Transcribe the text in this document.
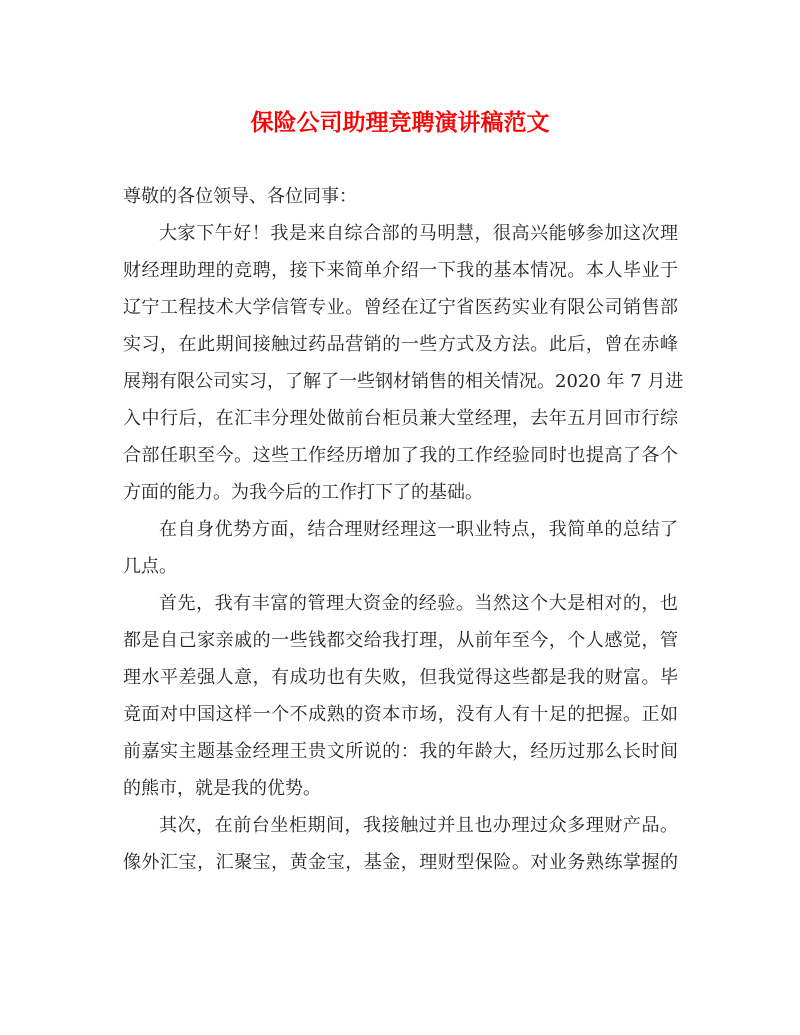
保险公司助理竞聘演讲稿范文
尊敬的各位领导、各位同事：
大家下午好！我是来自综合部的马明慧，很高兴能够参加这次理
财经理助理的竞聘，接下来简单介绍一下我的基本情况。本人毕业于
辽宁工程技术大学信管专业。曾经在辽宁省医药实业有限公司销售部
实习，在此期间接触过药品营销的一些方式及方法。此后，曾在赤峰
展翔有限公司实习，了解了一些钢材销售的相关情况。2020 年 7 月进
入中行后，在汇丰分理处做前台柜员兼大堂经理，去年五月回市行综
合部任职至今。这些工作经历增加了我的工作经验同时也提高了各个
方面的能力。为我今后的工作打下了的基础。
在自身优势方面，结合理财经理这一职业特点，我简单的总结了
几点。
首先，我有丰富的管理大资金的经验。当然这个大是相对的，也
都是自己家亲戚的一些钱都交给我打理，从前年至今，个人感觉，管
理水平差强人意，有成功也有失败，但我觉得这些都是我的财富。毕
竟面对中国这样一个不成熟的资本市场，没有人有十足的把握。正如
前嘉实主题基金经理王贵文所说的：我的年龄大，经历过那么长时间
的熊市，就是我的优势。
其次，在前台坐柜期间，我接触过并且也办理过众多理财产品。
像外汇宝，汇聚宝，黄金宝，基金，理财型保险。对业务熟练掌握的
